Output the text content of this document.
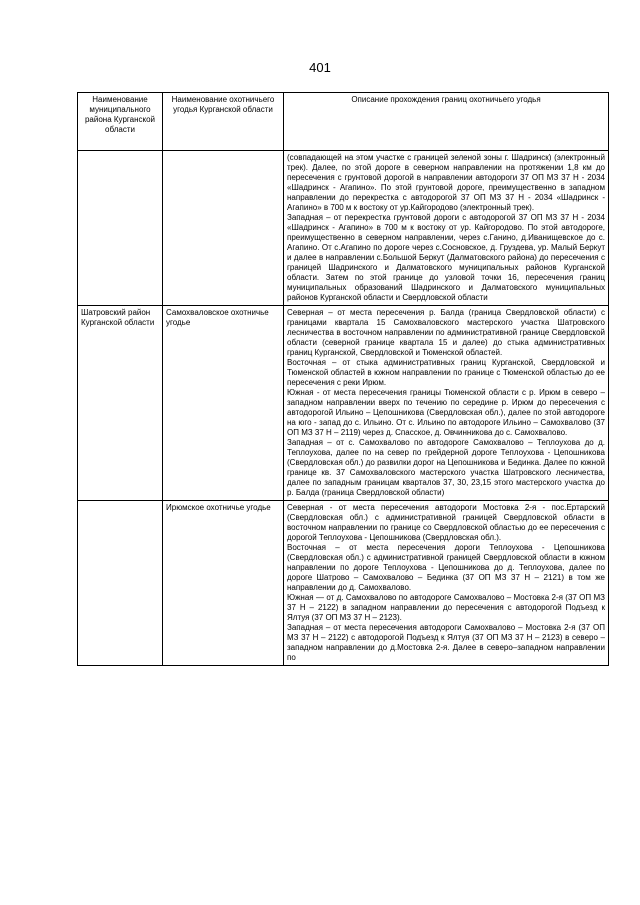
401
Наименование муниципального района Курганской области	Наименование охотничьего угодья Курганской области	Описание прохождения границ охотничьего угодья

		(совпадающей на этом участке с границей зеленой зоны г. Шадринск) (электронный трек). Далее, по этой дороге в северном направлении на протяжении 1,8 км до пересечения с грунтовой дорогой в направлении автодороги 37 ОП МЗ 37 Н - 2034 «Шадринск - Агапино». По этой грунтовой дороге, преимущественно в западном направлении до перекрестка с автодорогой 37 ОП МЗ 37 Н - 2034 «Шадринск - Агапино» в 700 м к востоку от ур.Кайгородово (электронный трек).

Западная – от перекрестка грунтовой дороги с автодорогой 37 ОП МЗ 37 Н - 2034 «Шадринск - Агапино» в 700 м к востоку от ур. Кайгородово. По этой автодороге, преимущественно в северном направлении, через с.Ганино, д.Иванищевское до с. Агапино. От с.Агапино по дороге через с.Сосновское, д. Груздева, ур. Малый Беркут и далее в направлении с.Большой Беркут (Далматовского района) до пересечения с границей Шадринского и Далматовского муниципальных районов Курганской области. Затем по этой границе до узловой точки 16, пересечения границ муниципальных образований Шадринского и Далматовского муниципальных районов Курганской области и Свердловской области

Шатровский район Курганской области	Самохваловское охотничье угодье	Северная – от места пересечения р. Балда (граница Свердловской области) с границами квартала 15 Самохваловского мастерского участка Шатровского лесничества в восточном направлении по административной границе Свердловской области (северной границе квартала 15 и далее) до стыка административных границ Курганской, Свердловской и Тюменской областей.

Восточная – от стыка административных границ Курганской, Свердловской и Тюменской областей в южном направлении по границе с Тюменской областью до ее пересечения с реки Ирюм.

Южная - от места пересечения границы Тюменской области с р. Ирюм в северо – западном направлении вверх по течению по середине р. Ирюм до пересечения с автодорогой Ильино – Цепошникова (Свердловская обл.), далее по этой автодороге на юго - запад до с. Ильино. От с. Ильино по автодороге Ильино – Самохвалово (37 ОП МЗ 37 Н – 2119) через д. Спасское, д. Овчинникова до с. Самохвалово.

Западная – от с. Самохвалово по автодороге Самохвалово – Теплоухова до д. Теплоухова, далее по на север по грейдерной дороге Теплоухова - Цепошникова (Свердловская обл.) до развилки дорог на Цепошникова и Бединка. Далее по южной границе кв. 37 Самохваловского мастерского участка Шатровского лесничества, далее по западным границам кварталов 37, 30, 23,15 этого мастерского участка до р. Балда (граница Свердловской области)

	Ирюмское охотничье угодье	Северная - от места пересечения автодороги Мостовка 2-я - пос.Ертарский (Свердловская обл.) с административной границей Свердловской области в восточном направлении по границе со Свердловской областью до ее пересечения с дорогой Теплоухова - Цепошникова (Свердловская обл.).

Восточная – от места пересечения дороги Теплоухова - Цепошникова (Свердловская обл.) с административной границей Свердловской области в южном направлении по дороге Теплоухова - Цепошникова до д. Теплоухова, далее по дороге Шатрово – Самохвалово – Бединка (37 ОП МЗ 37 Н – 2121) в том же направлении до д. Самохвалово.

Южная — от д. Самохвалово по автодороге Самохвалово – Мостовка 2-я (37 ОП МЗ 37 Н – 2122) в западном направлении до пересечения с автодорогой Подъезд к Ялтуя (37 ОП МЗ 37 Н – 2123).

Западная – от места пересечения автодороги Самохвалово – Мостовка 2-я (37 ОП МЗ 37 Н – 2122) с автодорогой Подъезд к Ялтуя (37 ОП МЗ 37 Н – 2123) в северо – западном направлении до д.Мостовка 2-я. Далее в северо–западном направлении по
